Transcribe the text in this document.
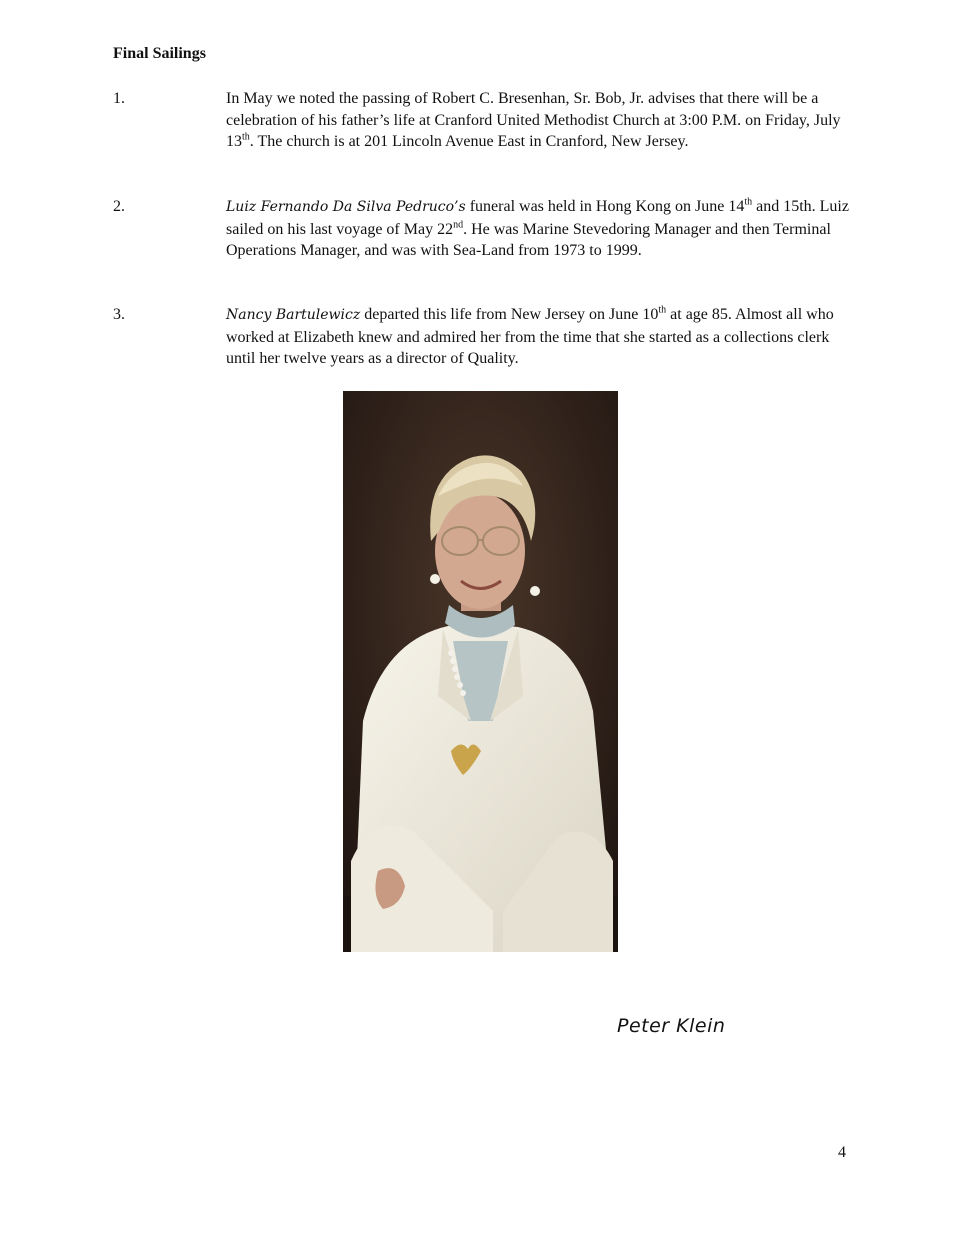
Final Sailings
1.	In May we noted the passing of Robert C. Bresenhan, Sr. Bob, Jr. advises that there will be a celebration of his father’s life at Cranford United Methodist Church at 3:00 P.M. on Friday, July 13th. The church is at 201 Lincoln Avenue East in Cranford, New Jersey.
2.	Luiz Fernando Da Silva Pedruco’s funeral was held in Hong Kong on June 14th and 15th. Luiz sailed on his last voyage of May 22nd. He was Marine Stevedoring Manager and then Terminal Operations Manager, and was with Sea-Land from 1973 to 1999.
3.	Nancy Bartulewicz departed this life from New Jersey on June 10th at age 85. Almost all who worked at Elizabeth knew and admired her from the time that she started as a collections clerk until her twelve years as a director of Quality.
Peter Klein
4
